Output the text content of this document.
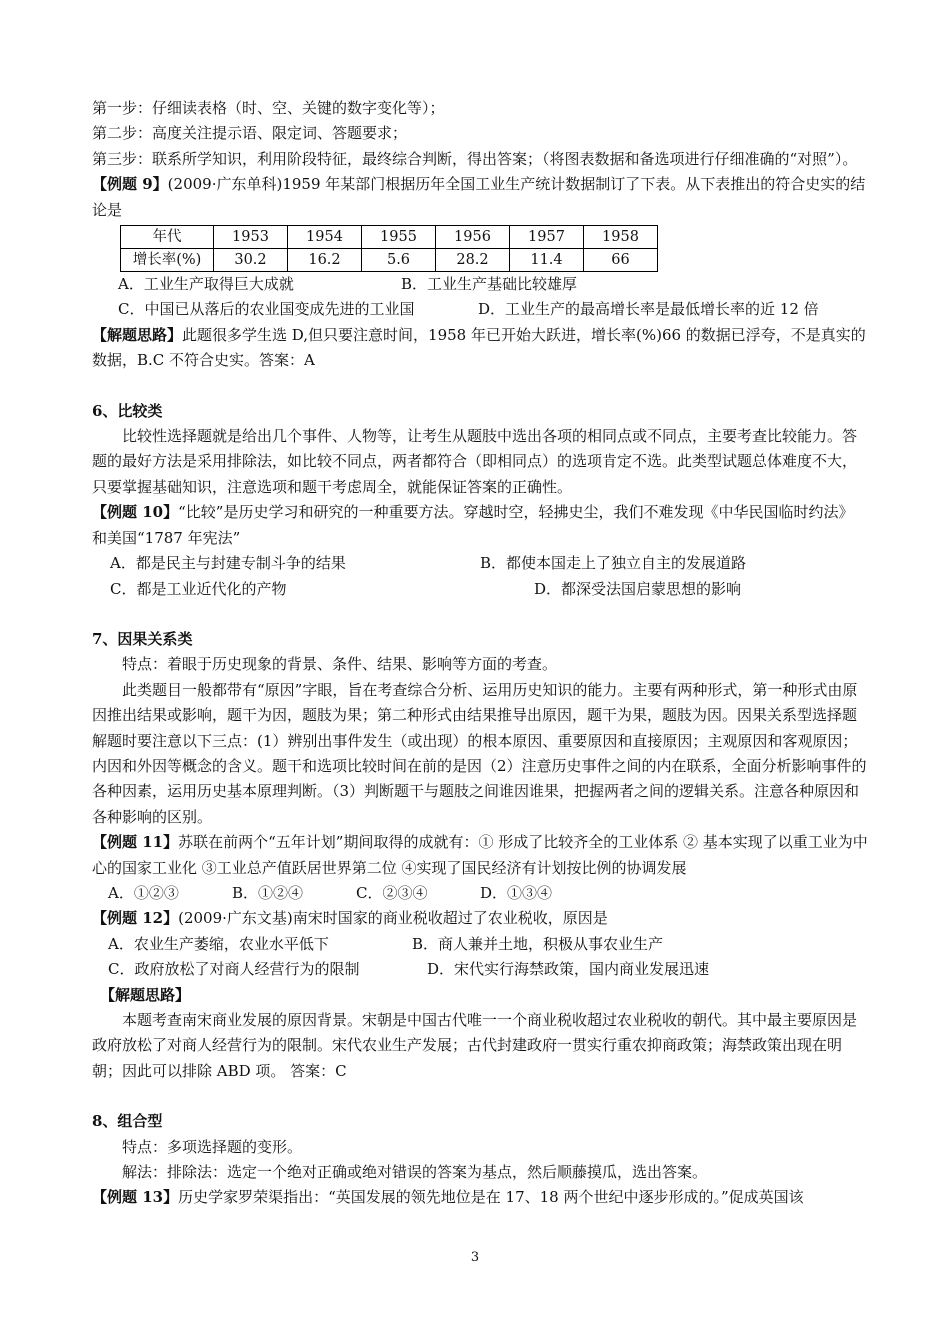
第一步：仔细读表格（时、空、关键的数字变化等）；

第二步：高度关注提示语、限定词、答题要求；

第三步：联系所学知识，利用阶段特征，最终综合判断，得出答案；（将图表数据和备选项进行仔细准确的“对照”）。

【例题 9】(2009·广东单科)1959 年某部门根据历年全国工业生产统计数据制订了下表。从下表推出的符合史实的结论是

年代	1953	1954	1955	1956	1957	1958
增长率(%)	30.2	16.2	5.6	28.2	11.4	66
A．工业生产取得巨大成就	B．工业生产基础比较雄厚
C．中国已从落后的农业国变成先进的工业国	D．工业生产的最高增长率是最低增长率的近 12 倍

【解题思路】此题很多学生选 D,但只要注意时间，1958 年已开始大跃进，增长率(%)66 的数据已浮夸，不是真实的数据，B.C 不符合史实。答案：A

6、比较类

比较性选择题就是给出几个事件、人物等，让考生从题肢中选出各项的相同点或不同点，主要考查比较能力。答题的最好方法是采用排除法，如比较不同点，两者都符合（即相同点）的选项肯定不选。此类型试题总体难度不大，只要掌握基础知识，注意选项和题干考虑周全，就能保证答案的正确性。

【例题 10】“比较”是历史学习和研究的一种重要方法。穿越时空，轻拂史尘，我们不难发现《中华民国临时约法》和美国“1787 年宪法”

A．都是民主与封建专制斗争的结果	B．都使本国走上了独立自主的发展道路
C．都是工业近代化的产物	D．都深受法国启蒙思想的影响

7、因果关系类

特点：着眼于历史现象的背景、条件、结果、影响等方面的考查。

此类题目一般都带有“原因”字眼，旨在考查综合分析、运用历史知识的能力。主要有两种形式，第一种形式由原因推出结果或影响，题干为因，题肢为果；第二种形式由结果推导出原因，题干为果，题肢为因。因果关系型选择题解题时要注意以下三点：(1）辨别出事件发生（或出现）的根本原因、重要原因和直接原因；主观原因和客观原因；内因和外因等概念的含义。题干和选项比较时间在前的是因（2）注意历史事件之间的内在联系，全面分析影响事件的各种因素，运用历史基本原理判断。（3）判断题干与题肢之间谁因谁果，把握两者之间的逻辑关系。注意各种原因和各种影响的区别。

【例题 11】苏联在前两个“五年计划”期间取得的成就有：① 形成了比较齐全的工业体系 ② 基本实现了以重工业为中心的国家工业化 ③工业总产值跃居世界第二位 ④实现了国民经济有计划按比例的协调发展

A．①②③	B．①②④	C．②③④	D．①③④

【例题 12】(2009·广东文基)南宋时国家的商业税收超过了农业税收，原因是

A．农业生产萎缩，农业水平低下	B．商人兼并土地，积极从事农业生产
C．政府放松了对商人经营行为的限制	D．宋代实行海禁政策，国内商业发展迅速

【解题思路】

本题考查南宋商业发展的原因背景。宋朝是中国古代唯一一个商业税收超过农业税收的朝代。其中最主要原因是政府放松了对商人经营行为的限制。宋代农业生产发展；古代封建政府一贯实行重农抑商政策；海禁政策出现在明朝；因此可以排除 ABD 项。 答案：C

8、组合型

特点：多项选择题的变形。

解法：排除法：选定一个绝对正确或绝对错误的答案为基点，然后顺藤摸瓜，选出答案。

【例题 13】历史学家罗荣渠指出：“英国发展的领先地位是在 17、18 两个世纪中逐步形成的。”促成英国该

3
